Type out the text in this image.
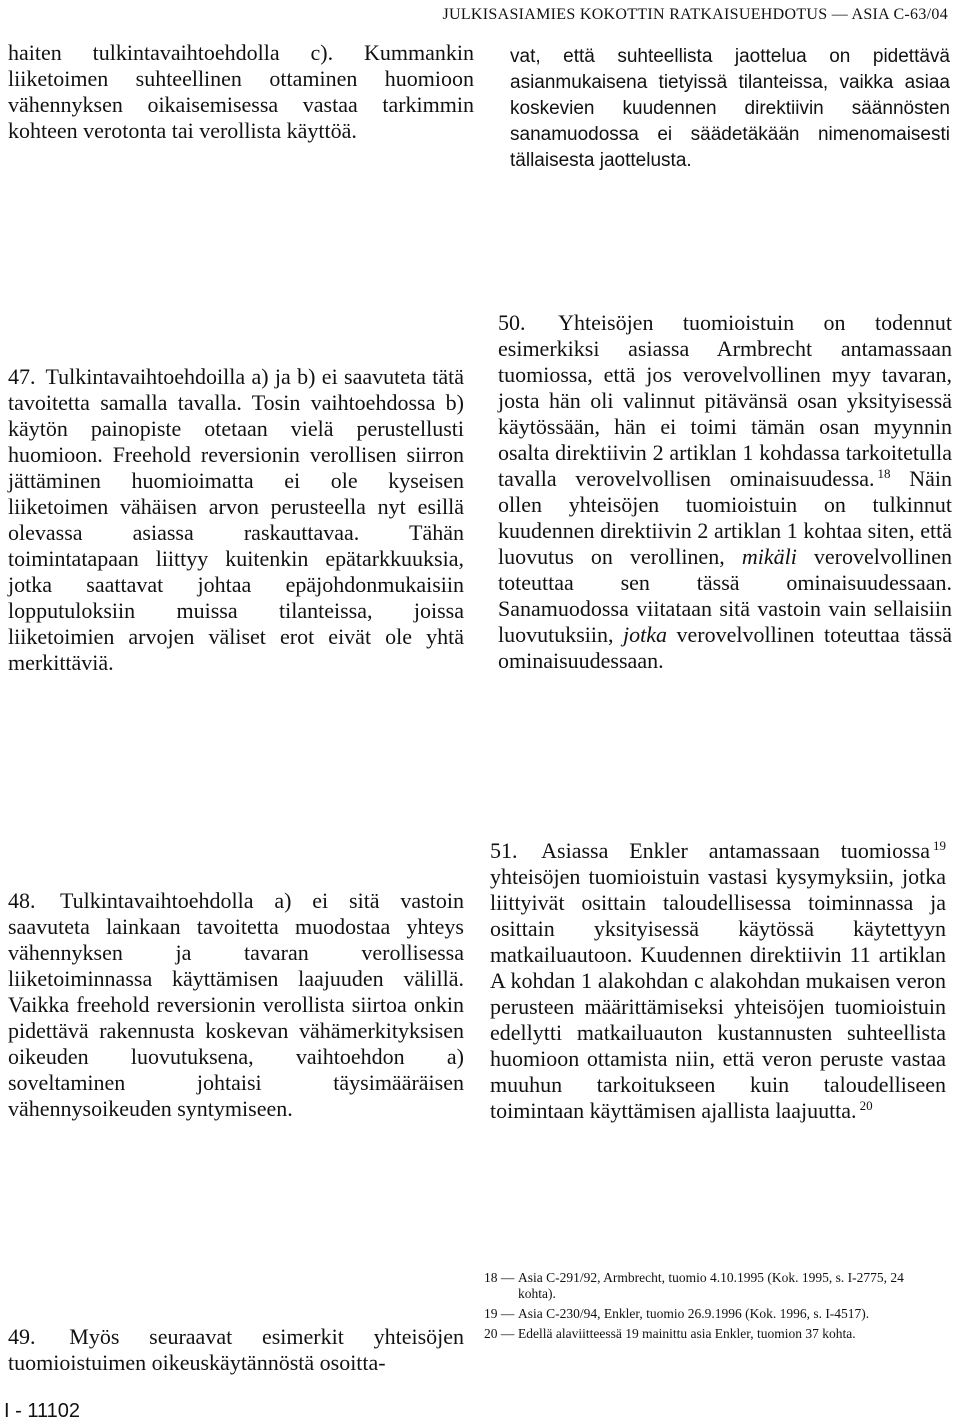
JULKISASIAMIES KOKOTTIN RATKAISUEHDOTUS — ASIA C-63/04

haiten tulkintavaihtoehdolla c). Kummankin liiketoimen suhteellinen ottaminen huomioon vähennyksen oikaisemisessa vastaa tarkimmin kohteen verotonta tai verollista käyttöä.

47. Tulkintavaihtoehdoilla a) ja b) ei saavuteta tätä tavoitetta samalla tavalla. Tosin vaihtoehdossa b) käytön painopiste otetaan vielä perustellusti huomioon. Freehold reversionin verollisen siirron jättäminen huomioimatta ei ole kyseisen liiketoimen vähäisen arvon perusteella nyt esillä olevassa asiassa raskauttavaa. Tähän toimintatapaan liittyy kuitenkin epätarkkuuksia, jotka saattavat johtaa epäjohdonmukaisiin lopputuloksiin muissa tilanteissa, joissa liiketoimien arvojen väliset erot eivät ole yhtä merkittäviä.

48. Tulkintavaihtoehdolla a) ei sitä vastoin saavuteta lainkaan tavoitetta muodostaa yhteys vähennyksen ja tavaran verollisessa liiketoiminnassa käyttämisen laajuuden välillä. Vaikka freehold reversionin verollista siirtoa onkin pidettävä rakennusta koskevan vähämerkityksisen oikeuden luovutuksena, vaihtoehdon a) soveltaminen johtaisi täysimääräisen vähennysoikeuden syntymiseen.

49. Myös seuraavat esimerkit yhteisöjen tuomioistuimen oikeuskäytännöstä osoitta-

vat, että suhteellista jaottelua on pidettävä asianmukaisena tietyissä tilanteissa, vaikka asiaa koskevien kuudennen direktiivin säännösten sanamuodossa ei säädetäkään nimenomaisesti tällaisesta jaottelusta.

50. Yhteisöjen tuomioistuin on todennut esimerkiksi asiassa Armbrecht antamassaan tuomiossa, että jos verovelvollinen myy tavaran, josta hän oli valinnut pitävänsä osan yksityisessä käytössään, hän ei toimi tämän osan myynnin osalta direktiivin 2 artiklan 1 kohdassa tarkoitetulla tavalla verovelvollisen ominaisuudessa. $^{18}$ Näin ollen yhteisöjen tuomioistuin on tulkinnut kuudennen direktiivin 2 artiklan 1 kohtaa siten, että luovutus on verollinen, mikäli verovelvollinen toteuttaa sen tässä ominaisuudessaan. Sanamuodossa viitataan sitä vastoin vain sellaisiin luovutuksiin, jotka verovelvollinen toteuttaa tässä ominaisuudessaan.

51. Asiassa Enkler antamassaan tuomiossa $^{19}$ yhteisöjen tuomioistuin vastasi kysymyksiin, jotka liittyivät osittain taloudellisessa toiminnassa ja osittain yksityisessä käytössä käytettyyn matkailuautoon. Kuudennen direktiivin 11 artiklan A kohdan 1 alakohdan c alakohdan mukaisen veron perusteen määrittämiseksi yhteisöjen tuomioistuin edellytti matkailuauton kustannusten suhteellista huomioon ottamista niin, että veron peruste vastaa muuhun tarkoitukseen kuin taloudelliseen toimintaan käyttämisen ajallista laajuutta. $^{20}$

18 — Asia C-291/92, Armbrecht, tuomio 4.10.1995 (Kok. 1995, s. I-2775, 24 kohta).
19 — Asia C-230/94, Enkler, tuomio 26.9.1996 (Kok. 1996, s. I-4517).
20 — Edellä alaviitteessä 19 mainittu asia Enkler, tuomion 37 kohta.
I - 11102
